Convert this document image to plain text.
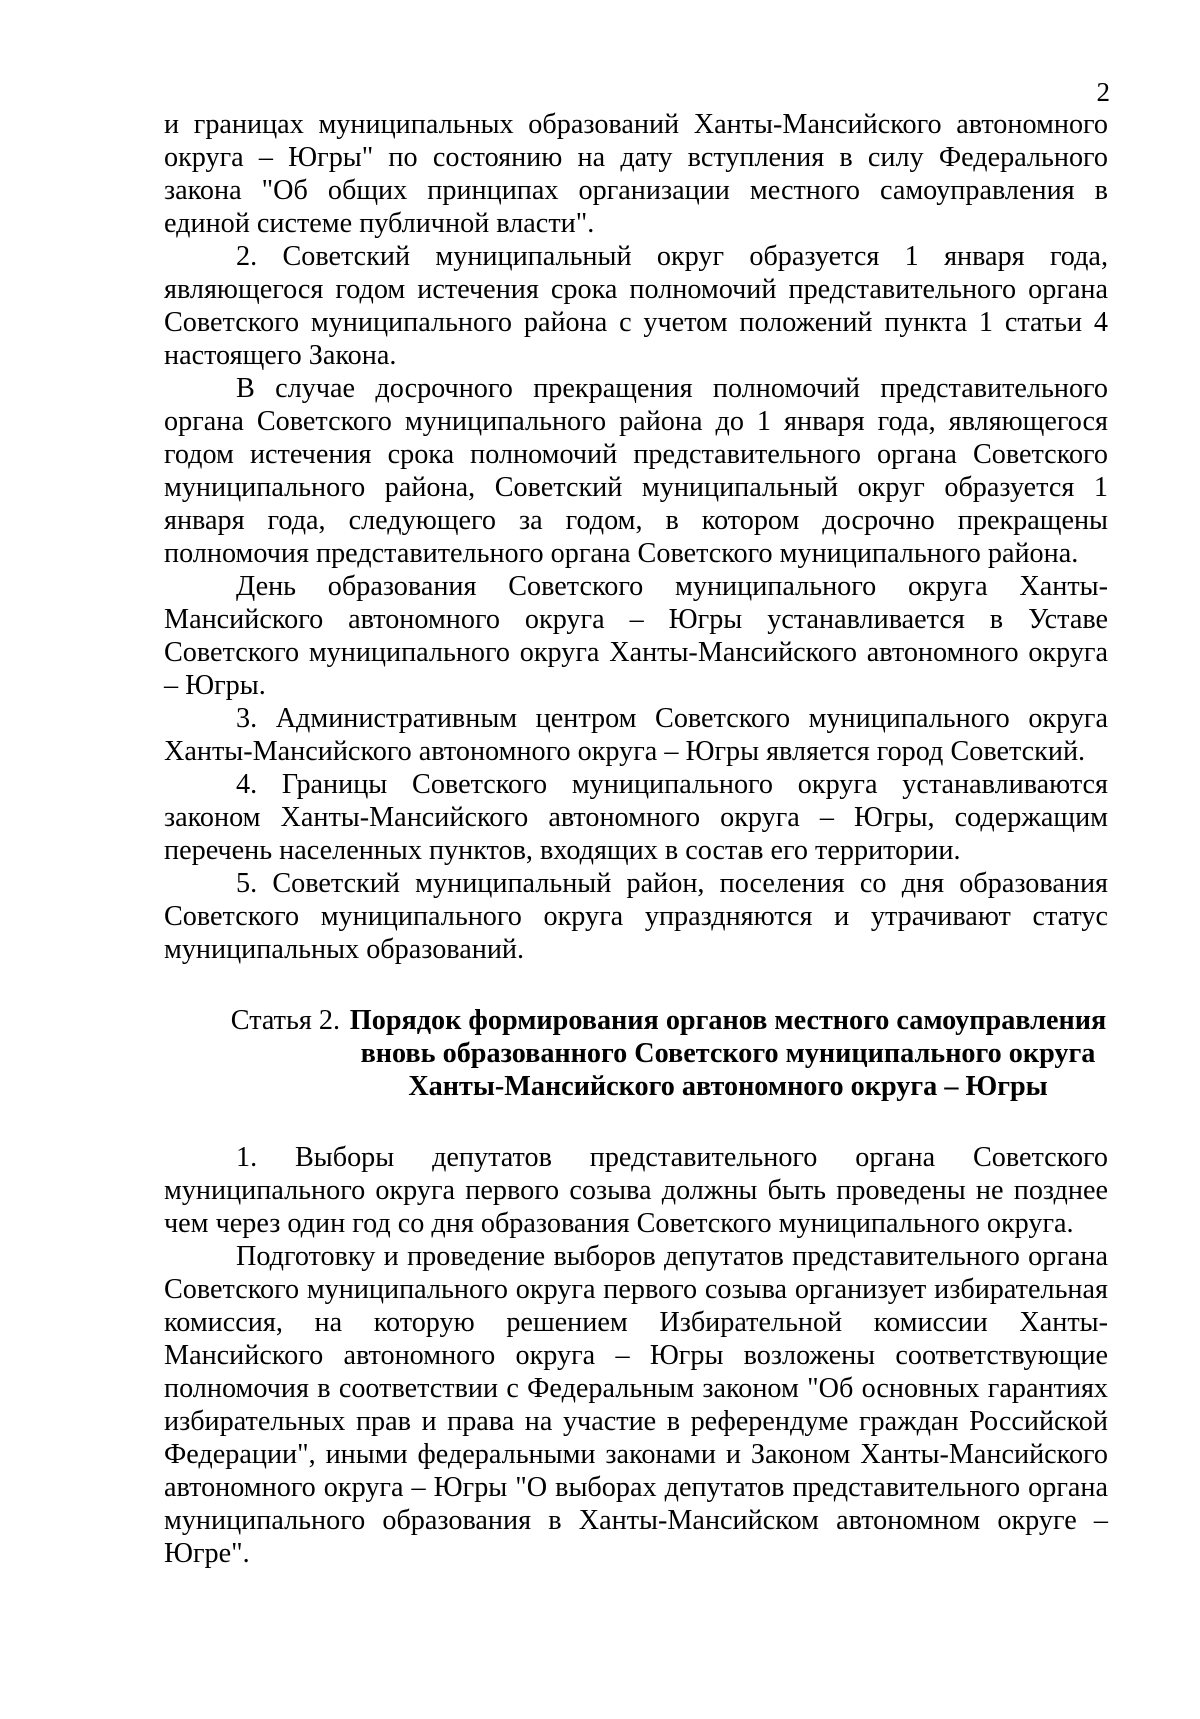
2

и границах муниципальных образований Ханты-Мансийского автономного округа – Югры" по состоянию на дату вступления в силу Федерального закона "Об общих принципах организации местного самоуправления в единой системе публичной власти".

2. Советский муниципальный округ образуется 1 января года, являющегося годом истечения срока полномочий представительного органа Советского муниципального района с учетом положений пункта 1 статьи 4 настоящего Закона.

В случае досрочного прекращения полномочий представительного органа Советского муниципального района до 1 января года, являющегося годом истечения срока полномочий представительного органа Советского муниципального района, Советский муниципальный округ образуется 1 января года, следующего за годом, в котором досрочно прекращены полномочия представительного органа Советского муниципального района.

День образования Советского муниципального округа Ханты-Мансийского автономного округа – Югры устанавливается в Уставе Советского муниципального округа Ханты-Мансийского автономного округа – Югры.

3. Административным центром Советского муниципального округа Ханты-Мансийского автономного округа – Югры является город Советский.

4. Границы Советского муниципального округа устанавливаются законом Ханты-Мансийского автономного округа – Югры, содержащим перечень населенных пунктов, входящих в состав его территории.

5. Советский муниципальный район, поселения со дня образования Советского муниципального округа упраздняются и утрачивают статус муниципальных образований.

Статья 2. Порядок формирования органов местного самоуправления
вновь образованного Советского муниципального округа
Ханты-Мансийского автономного округа – Югры

1. Выборы депутатов представительного органа Советского муниципального округа первого созыва должны быть проведены не позднее чем через один год со дня образования Советского муниципального округа.

Подготовку и проведение выборов депутатов представительного органа Советского муниципального округа первого созыва организует избирательная комиссия, на которую решением Избирательной комиссии Ханты-Мансийского автономного округа – Югры возложены соответствующие полномочия в соответствии с Федеральным законом "Об основных гарантиях избирательных прав и права на участие в референдуме граждан Российской Федерации", иными федеральными законами и Законом Ханты-Мансийского автономного округа – Югры "О выборах депутатов представительного органа муниципального образования в Ханты-Мансийском автономном округе – Югре".
